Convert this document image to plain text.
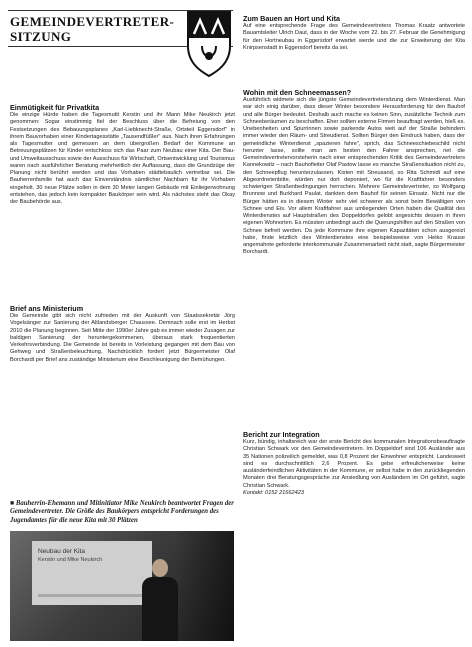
GEMEINDEVERTRETER-
SITZUNG
Einmütigkeit für Privatkita

Die einzige Hürde haben die Tagesmutti Kerstin und ihr Mann Mike Neukirch jetzt genommen: Sogar einstimmig fiel der Beschluss über die Befreiung von den Festsetzungen des Bebauungsplanes „Karl-Liebknecht-Straße, Ortsteil Eggersdorf" in ihrem Bauvorhaben einer Kindertagesstätte „Tausendfüßler" aus. Nach ihren Erfahrungen als Tagesmutter und gemessen an dem übergroßen Bedarf der Kommune an Betreuungsplätzen für Kinder entschloss sich das Paar zum Neubau einer Kita. Der Bau- und Umweltausschuss sowie der Ausschuss für Wirtschaft, Ortsentwicklung und Tourismus waren nach ausführlicher Beratung mehrheitlich der Auffassung, dass die Grundzüge der Planung nicht berührt werden und das Vorhaben städtebaulich vertretbar sei. Die Bauherrenfamilie hat auch das Einverständnis sämtlicher Nachbarn für ihr Vorhaben eingeholt. 30 neue Plätze sollen in dem 30 Meter langen Gebäude mit Einliegerwohnung entstehen, das jedoch kein kompakter Baukörper sein wird. Als nächstes steht das Okay der Baubehörde aus.

Brief ans Ministerium

Die Gemeinde gibt sich nicht zufrieden mit der Auskunft von Staatssekretär Jörg Vogelsänger zur Sanierung der Altlandsberger Chaussee. Demnach solle erst im Herbst 2010 die Planung beginnen. Seit Mitte der 1990er Jahre gab es immer wieder Zusagen zur baldigen Sanierung der heruntergekommenen, überaus stark frequentierten Verkehrsverbindung. Die Gemeinde ist bereits in Vorleistung gegangen mit dem Bau von Gehweg und Straßenbeleuchtung. Nachdrücklich fordert jetzt Bürgermeister Olaf Borchardt per Brief ans zuständige Ministerium eine Beschleunigung der Bemühungen.

■ Bauherrin-Ehemann und Mitinitiator Mike Neukirch beantwortet Fragen der Gemeindevertreter. Die Größe des Baukörpers entspricht Forderungen des Jugendamtes für die neue Kita mit 30 Plätzen
Neubau der Kita
Kerstin und Mike Neukirch
Zum Bauen an Hort und Kita

Auf eine entsprechende Frage des Gemeindevertreters Thomas Kraatz antwortete Bauamtsleiter Ulrich Daut, dass in der Woche vom 22. bis 27. Februar die Genehmigung für den Hortneubau in Eggersdorf erwartet werde und die zur Erweiterung der Kita Knirpsenstadt in Eggersdorf bereits da sei.

Wohin mit den Schneemassen?

Ausführlich widmete sich die jüngste Gemeindevertretersitzung dem Winterdienst. Man war sich einig darüber, dass dieser Winter besondere Herausforderung für den Bauhof und alle Bürger bedeutet. Deshalb auch mache es keinen Sinn, zusätzliche Technik zum Schneeberäumen zu beschaffen. Eher sollten externe Firmen beauftragt werden, hieß es. Unebenheiten und Spurrinnen sowie parkende Autos weit auf der Straße behindern immer wieder den Räum- und Streudienst. Sollten Bürger den Eindruck haben, dass der gemeindliche Winterdienst „spazieren fahre", sprich, das Schneeschiebeschild nicht herunter lasse, sollte man am besten den Fahrer ansprechen, riet die Gemeindevertretervorsteherin nach einer entsprechenden Kritik des Gemeindevertreters Kannekowitz – nach Bauhofleiter Olaf Pastow lasse es manche Straßensituation nicht zu, den Schneepflug herunterzulassen. Kisten mit Streusand, so Rita Schmidt auf eine Abgeordnetenbitte, würden nur dort deponiert, wo für die Kraftfahrer besonders schwierigen Straßenbedingungen herrschen. Mehrere Gemeindevertreter, so Wolfgang Brunnow und Burkhard Paulat, dankten dem Bauhof für seinen Einsatz. Nicht nur die Bürger hätten es in diesem Winter sehr viel schwerer als sonst beim Bewältigen von Schnee und Eis. Vor allem Kraftfahrer aus umliegenden Orten haben die Qualität des Winterdienstes auf Hauptstraßen des Doppeldorfes gelobt angesichts dessen in ihren eigenen Wohnorten. Es müssten unbedingt auch die Querungshilfen auf den Straßen von Schnee befreit werden. Da jede Kommune ihre eigenen Kapazitäten schon ausgereizt habe, finde letztlich des Winterdienstes eine beispielsweise von Heiko Krause angemahnte geforderte interkommunale Zusammenarbeit nicht statt, sagte Bürgermeister Borchardt.

Bericht zur Integration

Kurz, bündig, inhaltsreich war der erste Bericht des kommunalen Integrationsbeauftragte Christian Schwark vor den Gemeindevertretern. Im Doppeldorf sind 106 Ausländer aus 35 Nationen polizeilich gemeldet, was 0,8 Prozent der Einwohner entspricht. Landesweit sind es durchschnittlich 2,6 Prozent. Es gebe erfreulicherweise keine ausländerfeindlichen Aktivitäten in der Kommune, er selbst habe in den zurückliegenden Monaten drei Beratungsgespräche zur Ansiedlung von Ausländern im Ort geführt, sagte Christian Schwark.

Kontakt: 0152 21662423
